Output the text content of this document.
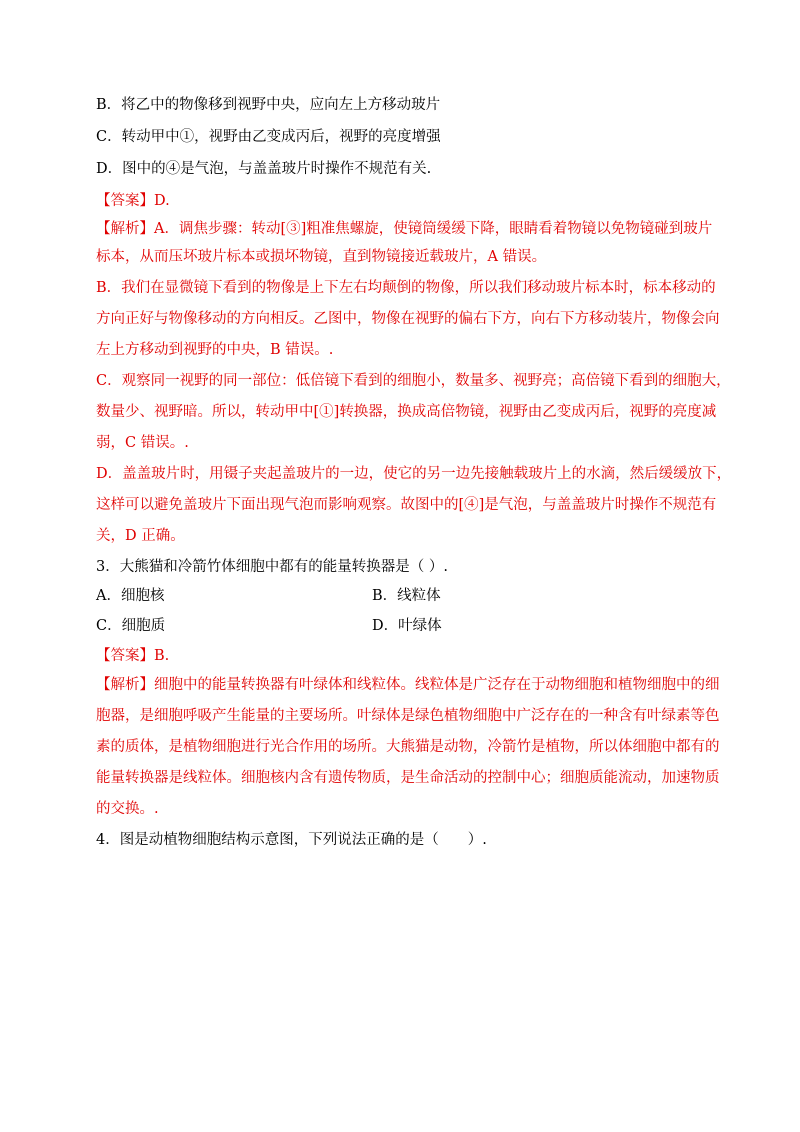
B．将乙中的物像移到视野中央，应向左上方移动玻片
C．转动甲中①，视野由乙变成丙后，视野的亮度增强
D．图中的④是气泡，与盖盖玻片时操作不规范有关.
【答案】D.
【解析】A．调焦步骤：转动[③]粗准焦螺旋，使镜筒缓缓下降，眼睛看着物镜以免物镜碰到玻片
标本，从而压坏玻片标本或损坏物镜，直到物镜接近载玻片，A 错误。
B．我们在显微镜下看到的物像是上下左右均颠倒的物像，所以我们移动玻片标本时，标本移动的
方向正好与物像移动的方向相反。乙图中，物像在视野的偏右下方，向右下方移动装片，物像会向
左上方移动到视野的中央，B 错误。.
C．观察同一视野的同一部位：低倍镜下看到的细胞小，数量多、视野亮；高倍镜下看到的细胞大，
数量少、视野暗。所以，转动甲中[①]转换器，换成高倍物镜，视野由乙变成丙后，视野的亮度减
弱，C 错误。.
D．盖盖玻片时，用镊子夹起盖玻片的一边，使它的另一边先接触载玻片上的水滴，然后缓缓放下，
这样可以避免盖玻片下面出现气泡而影响观察。故图中的[④]是气泡，与盖盖玻片时操作不规范有
关，D 正确。
3．大熊猫和冷箭竹体细胞中都有的能量转换器是（ ）.
A．细胞核	B．线粒体
C．细胞质	D．叶绿体
【答案】B.
【解析】细胞中的能量转换器有叶绿体和线粒体。线粒体是广泛存在于动物细胞和植物细胞中的细
胞器，是细胞呼吸产生能量的主要场所。叶绿体是绿色植物细胞中广泛存在的一种含有叶绿素等色
素的质体，是植物细胞进行光合作用的场所。大熊猫是动物，冷箭竹是植物，所以体细胞中都有的
能量转换器是线粒体。细胞核内含有遗传物质，是生命活动的控制中心；细胞质能流动，加速物质
的交换。.
4．图是动植物细胞结构示意图，下列说法正确的是（　　）.
